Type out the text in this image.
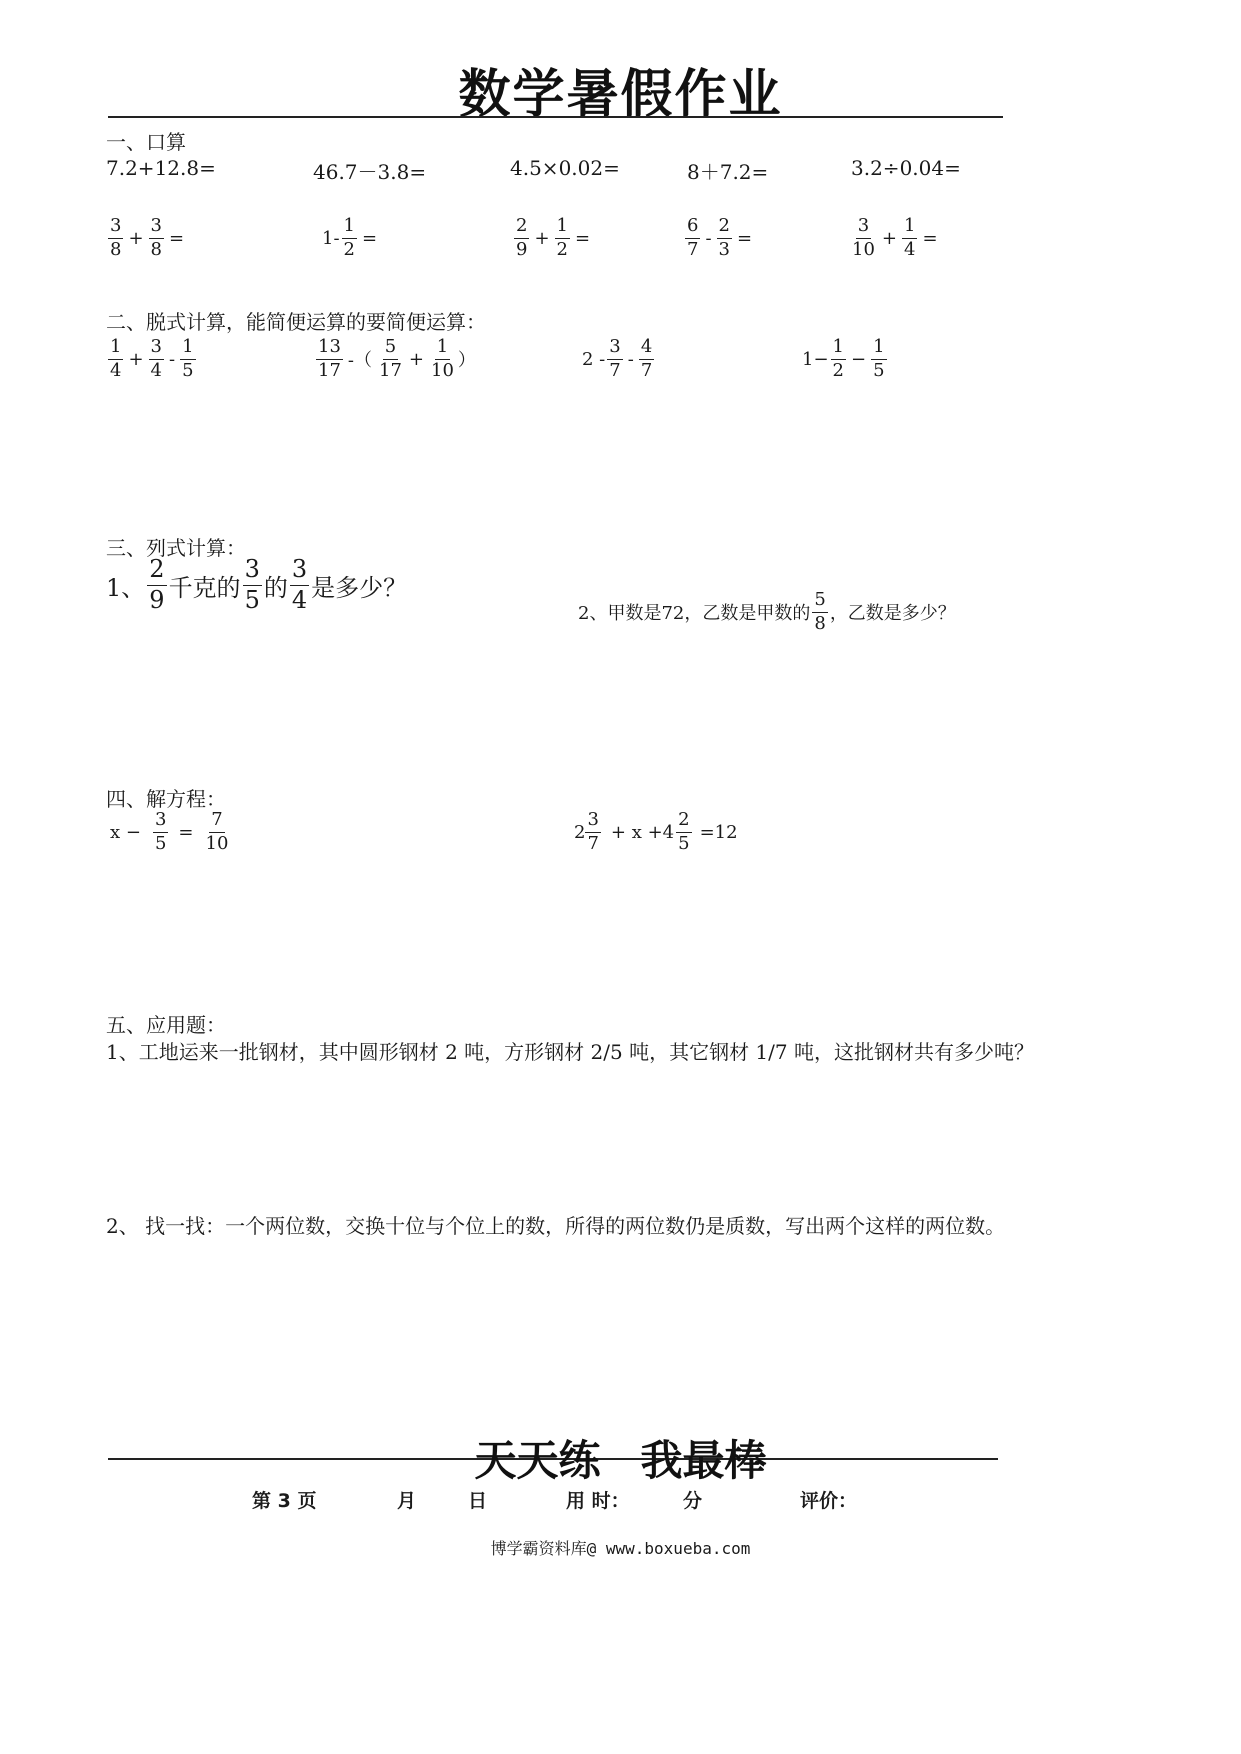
数学暑假作业
一、口算
7.2+12.8=	46.7－3.8=	4.5×0.02=	8＋7.2=	3.2÷0.04=
$\frac{3}{8} + \frac{3}{8}$ =	$1- \frac{1}{2}$ =	$\frac{2}{9} + \frac{1}{2}$ =	$\frac{6}{7} - \frac{2}{3}$ =	$\frac{3}{10} + \frac{1}{4}$ =
二、脱式计算，能简便运算的要简便运算：
$\frac{1}{4} + \frac{3}{4} - \frac{1}{5}$	$\frac{13}{17}$ -（ $\frac{5}{17} + \frac{1}{10}$ ）	$2 - \frac{3}{7} - \frac{4}{7}$	$1- \frac{1}{2} - \frac{1}{5}$
三、列式计算：
1、 $\frac{2}{9}$ 千克的 $\frac{3}{5}$ 的 $\frac{3}{4}$ 是多少？
2、甲数是72，乙数是甲数的 $\frac{5}{8}$ ，乙数是多少？
四、解方程：
$x - \frac{3}{5} = \frac{7}{10}$	$2 \frac{3}{7} + x +4 \frac{2}{5} =12$
五、应用题：
1、工地运来一批钢材，其中圆形钢材 2 吨，方形钢材 2/5 吨，其它钢材 1/7 吨，这批钢材共有多少吨？
2、 找一找：一个两位数，交换十位与个位上的数，所得的两位数仍是质数，写出两个这样的两位数。
天天练 我最棒
第 3 页	月	日	用 时：	分	评价：
博学霸资料库@ www.boxueba.com
